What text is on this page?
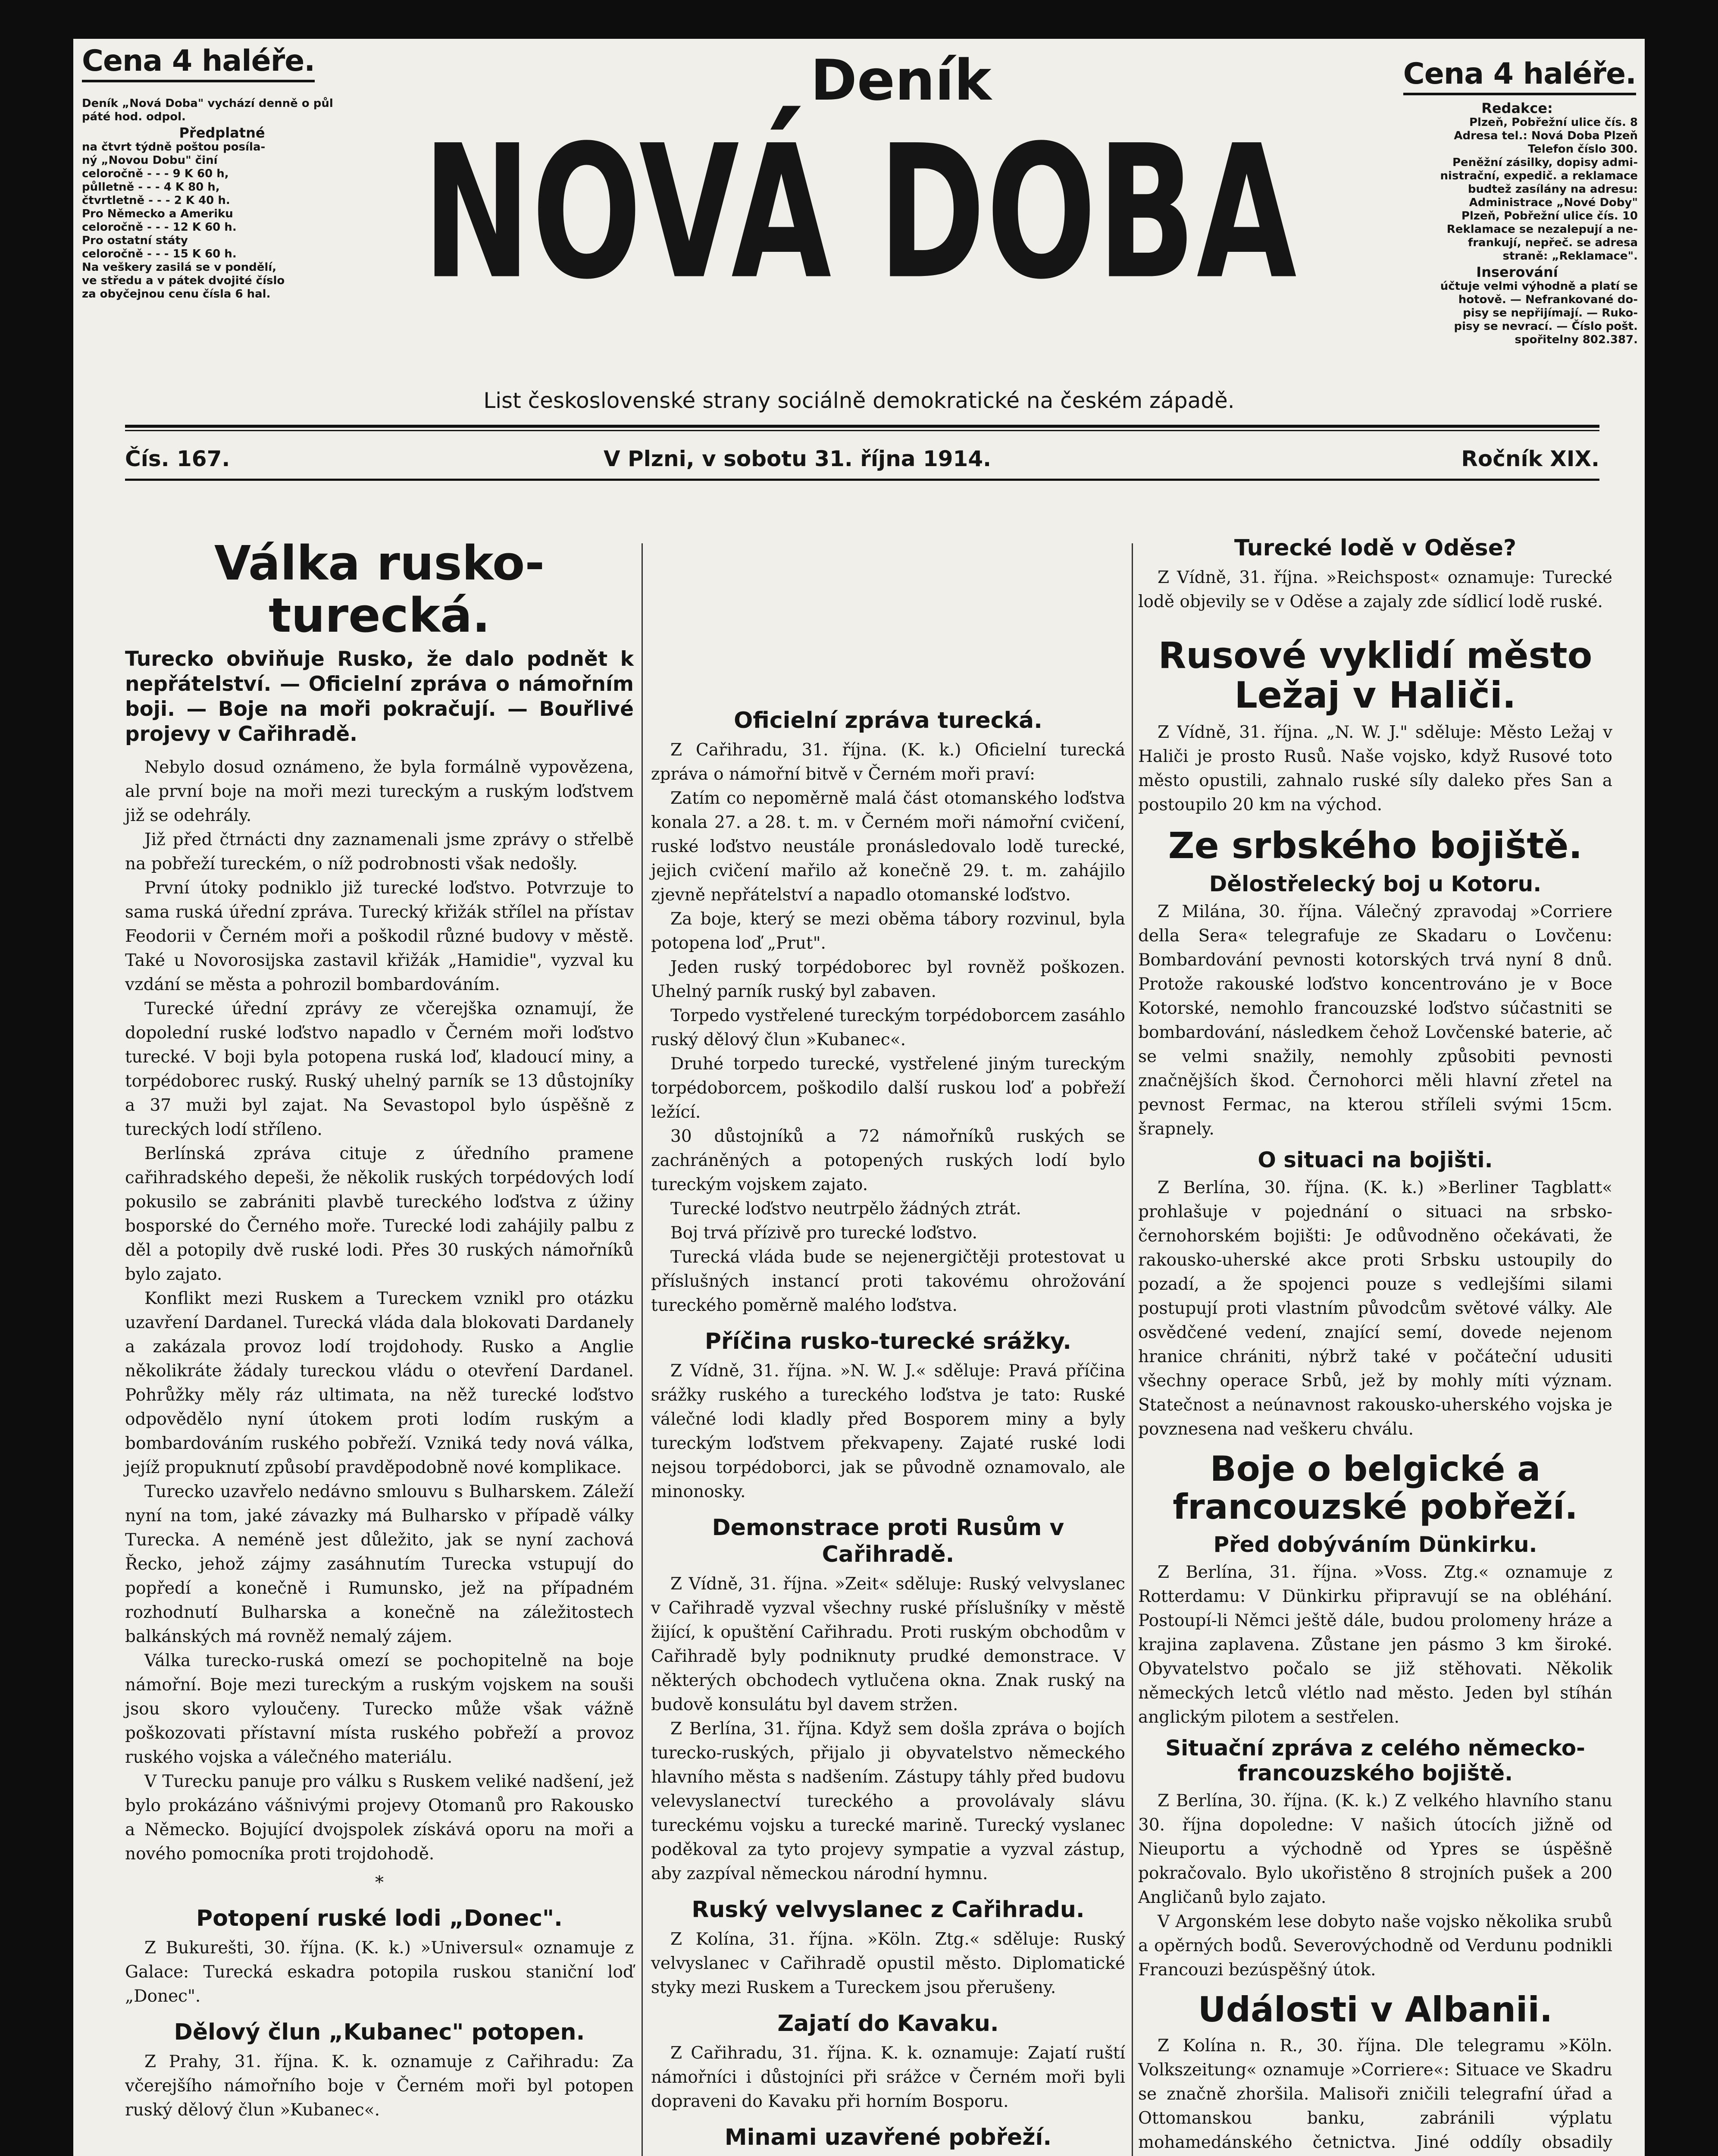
Cena 4 haléře.	Cena 4 haléře.

Deník „Nová Doba" vychází denně o půl páté hod. odpol.

Předplatné

na čtvrt týdně poštou posíla-

ný „Novou Dobu" činí

celoročně - - - 9 K 60 h,

půlletně - - - 4 K 80 h,

čtvrtletně - - - 2 K 40 h.

Pro Německo a Ameriku

celoročně - - - 12 K 60 h.

Pro ostatní státy

celoročně - - - 15 K 60 h.

Na veškery zasilá se v pondělí,

ve středu a v pátek dvojité číslo

za obyčejnou cenu čísla 6 hal.

Redakce:

Plzeň, Pobřežní ulice čís. 8

Adresa tel.: Nová Doba Plzeň

Telefon číslo 300.

Peněžní zásilky, dopisy admi-

nistrační, expedič. a reklamace

budtež zasílány na adresu:

Administrace „Nové Doby"

Plzeň, Pobřežní ulice čís. 10

Reklamace se nezalepují a ne-

frankují, nepřeč. se adresa

straně: „Reklamace".

Inserování

účtuje velmi výhodně a platí se

hotově. — Nefrankované do-

pisy se nepřijímají. — Ruko-

pisy se nevrací. — Číslo pošt.

spořitelny 802.387.

Deník
NOVÁ DOBA
List československé strany sociálně demokratické na českém západě.
Čís. 167.	V Plzni, v sobotu 31. října 1914.	Ročník XIX.
Válka rusko-turecká.
Turecko obviňuje Rusko, že dalo podnět k nepřátelství. — Oficielní zpráva o námořním boji. — Boje na moři pokračují. — Bouřlivé projevy v Cařihradě.

Nebylo dosud oznámeno, že byla formálně vypovězena, ale první boje na moři mezi tureckým a ruským loďstvem již se odehrály.

Již před čtrnácti dny zaznamenali jsme zprávy o střelbě na pobřeží tureckém, o níž podrobnosti však nedošly.

První útoky podniklo již turecké loďstvo. Potvrzuje to sama ruská úřední zpráva. Turecký křižák střílel na přístav Feodorii v Černém moři a poškodil různé budovy v městě. Také u Novorosijska zastavil křižák „Hamidie", vyzval ku vzdání se města a pohrozil bombardováním.

Turecké úřední zprávy ze včerejška oznamují, že dopolední ruské loďstvo napadlo v Černém moři loďstvo turecké. V boji byla potopena ruská loď, kladoucí miny, a torpédoborec ruský. Ruský uhelný parník se 13 důstojníky a 37 muži byl zajat. Na Sevastopol bylo úspěšně z tureckých lodí stříleno.

Berlínská zpráva cituje z úředního pramene cařihradského depeši, že několik ruských torpédových lodí pokusilo se zabrániti plavbě tureckého loďstva z úžiny bosporské do Černého moře. Turecké lodi zahájily palbu z děl a potopily dvě ruské lodi. Přes 30 ruských námořníků bylo zajato.

Konflikt mezi Ruskem a Tureckem vznikl pro otázku uzavření Dardanel. Turecká vláda dala blokovati Dardanely a zakázala provoz lodí trojdohody. Rusko a Anglie několikráte žádaly tureckou vládu o otevření Dardanel. Pohrůžky měly ráz ultimata, na něž turecké loďstvo odpovědělo nyní útokem proti lodím ruským a bombardováním ruského pobřeží. Vzniká tedy nová válka, jejíž propuknutí způsobí pravděpodobně nové komplikace.

Turecko uzavřelo nedávno smlouvu s Bulharskem. Záleží nyní na tom, jaké závazky má Bulharsko v případě války Turecka. A neméně jest důležito, jak se nyní zachová Řecko, jehož zájmy zasáhnutím Turecka vstupují do popředí a konečně i Rumunsko, jež na případném rozhodnutí Bulharska a konečně na záležitostech balkánských má rovněž nemalý zájem.

Válka turecko-ruská omezí se pochopitelně na boje námořní. Boje mezi tureckým a ruským vojskem na souši jsou skoro vyloučeny. Turecko může však vážně poškozovati přístavní místa ruského pobřeží a provoz ruského vojska a válečného materiálu.

V Turecku panuje pro válku s Ruskem veliké nadšení, jež bylo prokázáno vášnivými projevy Otomanů pro Rakousko a Německo. Bojující dvojspolek získává oporu na moři a nového pomocníka proti trojdohodě.

*
Potopení ruské lodi „Donec".

Z Bukurešti, 30. října. (K. k.) »Universul« oznamuje z Galace: Turecká eskadra potopila ruskou staniční loď „Donec".

Dělový člun „Kubanec" potopen.

Z Prahy, 31. října. K. k. oznamuje z Cařihradu: Za včerejšího námořního boje v Černém moři byl potopen ruský dělový člun »Kubanec«.

Oficielní zpráva turecká.

Z Cařihradu, 31. října. (K. k.) Oficielní turecká zpráva o námořní bitvě v Černém moři praví:

Zatím co nepoměrně malá část otomanského loďstva konala 27. a 28. t. m. v Černém moři námořní cvičení, ruské loďstvo neustále pronásledovalo lodě turecké, jejich cvičení mařilo až konečně 29. t. m. zahájilo zjevně nepřátelství a napadlo otomanské loďstvo.

Za boje, který se mezi oběma tábory rozvinul, byla potopena loď „Prut".

Jeden ruský torpédoborec byl rovněž poškozen. Uhelný parník ruský byl zabaven.

Torpedo vystřelené tureckým torpédoborcem zasáhlo ruský dělový člun »Kubanec«.

Druhé torpedo turecké, vystřelené jiným tureckým torpédoborcem, poškodilo další ruskou loď a pobřeží ležící.

30 důstojníků a 72 námořníků ruských se zachráněných a potopených ruských lodí bylo tureckým vojskem zajato.

Turecké loďstvo neutrpělo žádných ztrát.

Boj trvá přízivě pro turecké loďstvo.

Turecká vláda bude se nejenergičtěji protestovat u příslušných instancí proti takovému ohrožování tureckého poměrně malého loďstva.

Příčina rusko-turecké srážky.

Z Vídně, 31. října. »N. W. J.« sděluje: Pravá příčina srážky ruského a tureckého loďstva je tato: Ruské válečné lodi kladly před Bosporem miny a byly tureckým loďstvem překvapeny. Zajaté ruské lodi nejsou torpédoborci, jak se původně oznamovalo, ale minonosky.

Demonstrace proti Rusům v Cařihradě.

Z Vídně, 31. října. »Zeit« sděluje: Ruský velvyslanec v Cařihradě vyzval všechny ruské příslušníky v městě žijící, k opuštění Cařihradu. Proti ruským obchodům v Cařihradě byly podniknuty prudké demonstrace. V některých obchodech vytlučena okna. Znak ruský na budově konsulátu byl davem stržen.

Z Berlína, 31. října. Když sem došla zpráva o bojích turecko-ruských, přijalo ji obyvatelstvo německého hlavního města s nadšením. Zástupy táhly před budovu velevyslanectví tureckého a provolávaly slávu tureckému vojsku a turecké marině. Turecký vyslanec poděkoval za tyto projevy sympatie a vyzval zástup, aby zazpíval německou národní hymnu.

Ruský velvyslanec z Cařihradu.

Z Kolína, 31. října. »Köln. Ztg.« sděluje: Ruský velvyslanec v Cařihradě opustil město. Diplomatické styky mezi Ruskem a Tureckem jsou přerušeny.

Zajatí do Kavaku.

Z Cařihradu, 31. října. K. k. oznamuje: Zajatí ruští námořníci i důstojníci při srážce v Černém moři byli dopraveni do Kavaku při horním Bosporu.

Minami uzavřené pobřeží.

Turecké lodě v Oděse?

Z Vídně, 31. října. »Reichspost« oznamuje: Turecké lodě objevily se v Oděse a zajaly zde sídlicí lodě ruské.

Rusové vyklidí město Ležaj v Haliči.

Z Vídně, 31. října. „N. W. J." sděluje: Město Ležaj v Haliči je prosto Rusů. Naše vojsko, když Rusové toto město opustili, zahnalo ruské síly daleko přes San a postoupilo 20 km na východ.

Ze srbského bojiště.
Dělostřelecký boj u Kotoru.

Z Milána, 30. října. Válečný zpravodaj »Corriere della Sera« telegrafuje ze Skadaru o Lovčenu: Bombardování pevnosti kotorských trvá nyní 8 dnů. Protože rakouské loďstvo koncentrováno je v Boce Kotorské, nemohlo francouzské loďstvo súčastniti se bombardování, následkem čehož Lovčenské baterie, ač se velmi snažily, nemohly způsobiti pevnosti značnějších škod. Černohorci měli hlavní zřetel na pevnost Fermac, na kterou stříleli svými 15cm. šrapnely.

O situaci na bojišti.

Z Berlína, 30. října. (K. k.) »Berliner Tagblatt« prohlašuje v pojednání o situaci na srbsko-černohorském bojišti: Je odůvodněno očekávati, že rakousko-uherské akce proti Srbsku ustoupily do pozadí, a že spojenci pouze s vedlejšími silami postupují proti vlastním původcům světové války. Ale osvědčené vedení, znající semí, dovede nejenom hranice chrániti, nýbrž také v počáteční udusiti všechny operace Srbů, jež by mohly míti význam. Statečnost a neúnavnost rakousko-uherského vojska je povznesena nad veškeru chválu.

Boje o belgické a francouzské pobřeží.
Před dobýváním Dünkirku.

Z Berlína, 31. října. »Voss. Ztg.« oznamuje z Rotterdamu: V Dünkirku připravují se na obléhání. Postoupí-li Němci ještě dále, budou prolomeny hráze a krajina zaplavena. Zůstane jen pásmo 3 km široké. Obyvatelstvo počalo se již stěhovati. Několik německých letců vlétlo nad město. Jeden byl stíhán anglickým pilotem a sestřelen.

Situační zpráva z celého německo-francouzského bojiště.

Z Berlína, 30. října. (K. k.) Z velkého hlavního stanu 30. října dopoledne: V našich útocích jižně od Nieuportu a východně od Ypres se úspěšně pokračovalo. Bylo ukořistěno 8 strojních pušek a 200 Angličanů bylo zajato.

V Argonském lese dobyto naše vojsko několika srubů a opěrných bodů. Severovýchodně od Verdunu podnikli Francouzi bezúspěšný útok.

Události v Albanii.

Z Kolína n. R., 30. října. Dle telegramu »Köln. Volkszeitung« oznamuje »Corriere«: Situace ve Skadru se značně zhoršila. Malisoři zničili telegrafní úřad a Ottomanskou banku, zabránili výplatu mohamedánského četnictva. Jiné oddíly obsadily
